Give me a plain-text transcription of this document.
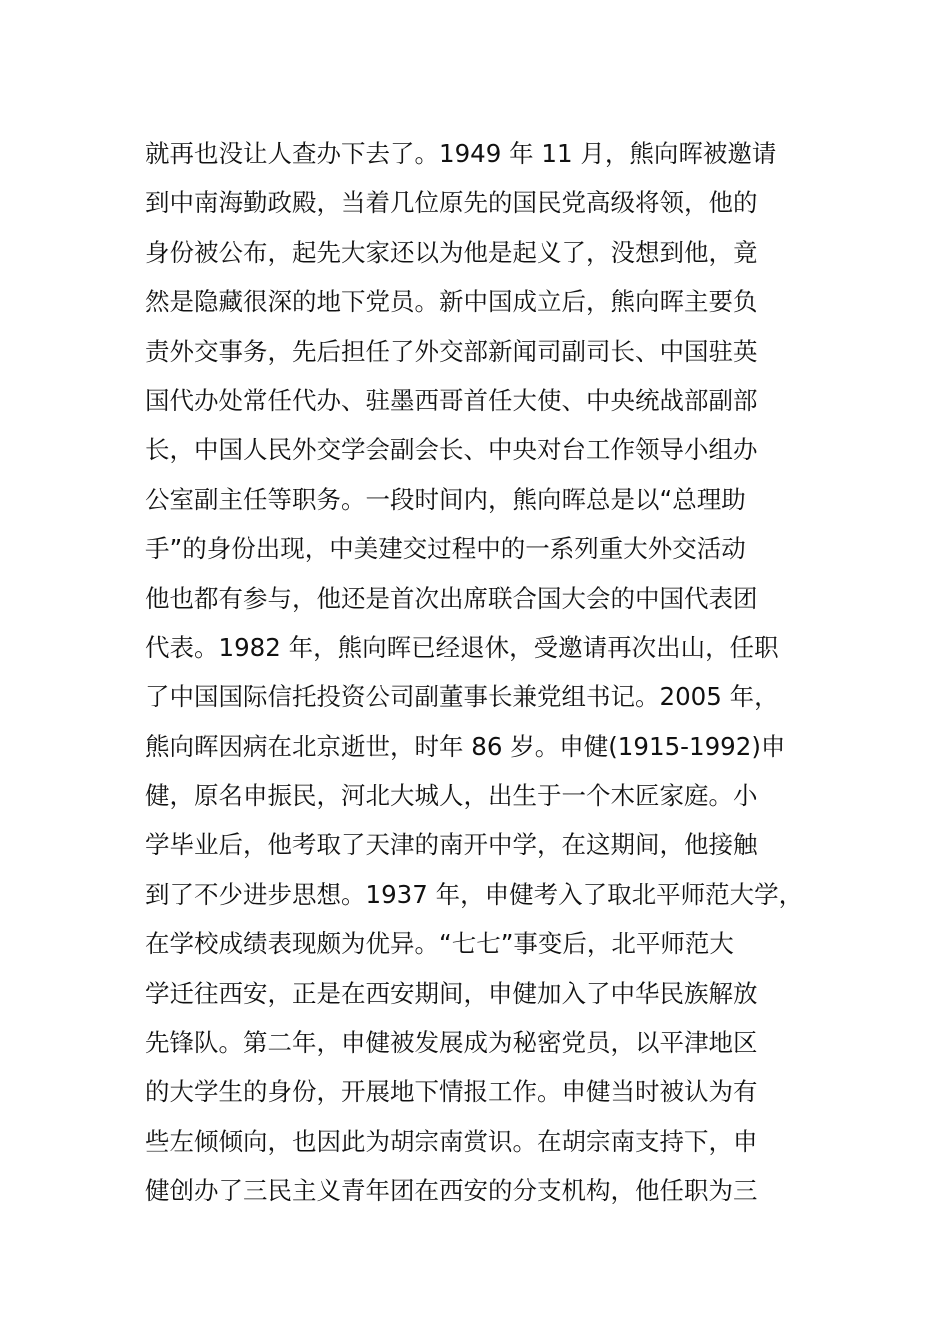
就再也没让人查办下去了。1949 年 11 月，熊向晖被邀请
到中南海勤政殿，当着几位原先的国民党高级将领，他的
身份被公布，起先大家还以为他是起义了，没想到他，竟
然是隐藏很深的地下党员。新中国成立后，熊向晖主要负
责外交事务，先后担任了外交部新闻司副司长、中国驻英
国代办处常任代办、驻墨西哥首任大使、中央统战部副部
长，中国人民外交学会副会长、中央对台工作领导小组办
公室副主任等职务。一段时间内，熊向晖总是以“总理助
手”的身份出现，中美建交过程中的一系列重大外交活动
他也都有参与，他还是首次出席联合国大会的中国代表团
代表。1982 年，熊向晖已经退休，受邀请再次出山，任职
了中国国际信托投资公司副董事长兼党组书记。2005 年，
熊向晖因病在北京逝世，时年 86 岁。申健(1915-1992)申
健，原名申振民，河北大城人，出生于一个木匠家庭。小
学毕业后，他考取了天津的南开中学，在这期间，他接触
到了不少进步思想。1937 年，申健考入了取北平师范大学，
在学校成绩表现颇为优异。“七七”事变后，北平师范大
学迁往西安，正是在西安期间，申健加入了中华民族解放
先锋队。第二年，申健被发展成为秘密党员，以平津地区
的大学生的身份，开展地下情报工作。申健当时被认为有
些左倾倾向，也因此为胡宗南赏识。在胡宗南支持下，申
健创办了三民主义青年团在西安的分支机构，他任职为三
